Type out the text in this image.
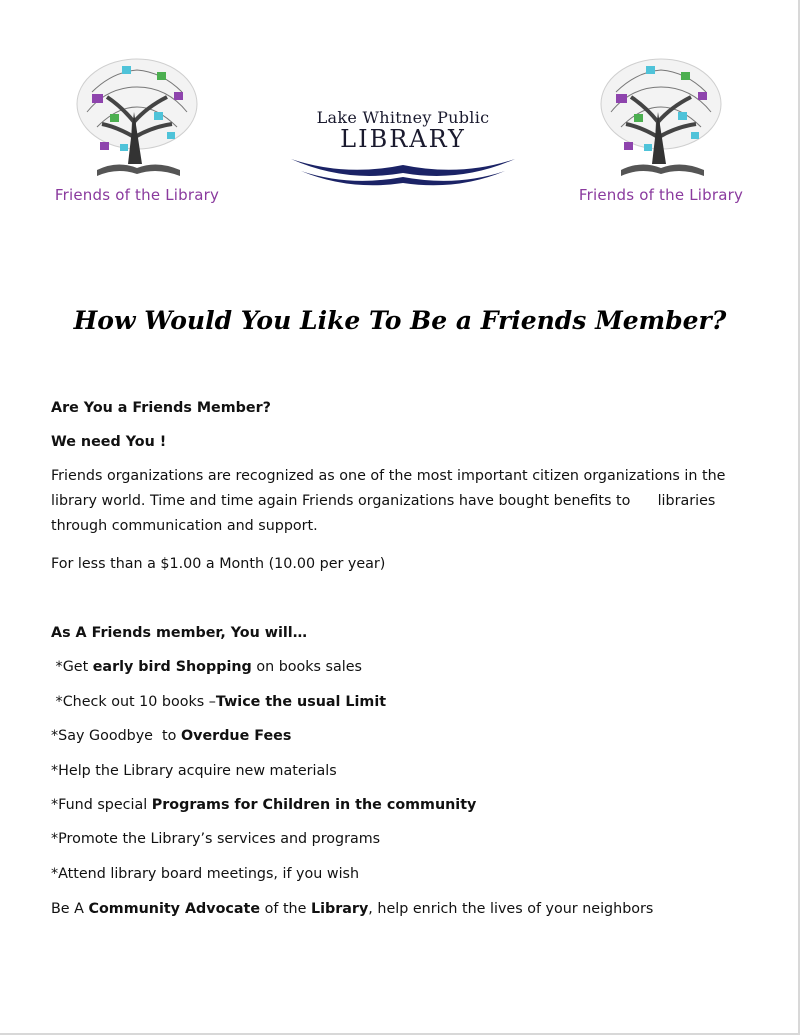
Friends of the Library
Lake Whitney Public
LIBRARY
Friends of the Library
How Would You Like To Be a Friends Member?
Are You a Friends Member?
We need You !
Friends organizations are recognized as one of the most important citizen organizations in the
library world. Time and time again Friends organizations have bought benefits to      libraries
through communication and support.
For less than a $1.00 a Month (10.00 per year)
As A Friends member, You will…
*Get early bird Shopping on books sales
*Check out 10 books –Twice the usual Limit
*Say Goodbye  to Overdue Fees
*Help the Library acquire new materials
*Fund special Programs for Children in the community
*Promote the Library’s services and programs
*Attend library board meetings, if you wish
Be A Community Advocate of the Library, help enrich the lives of your neighbors
